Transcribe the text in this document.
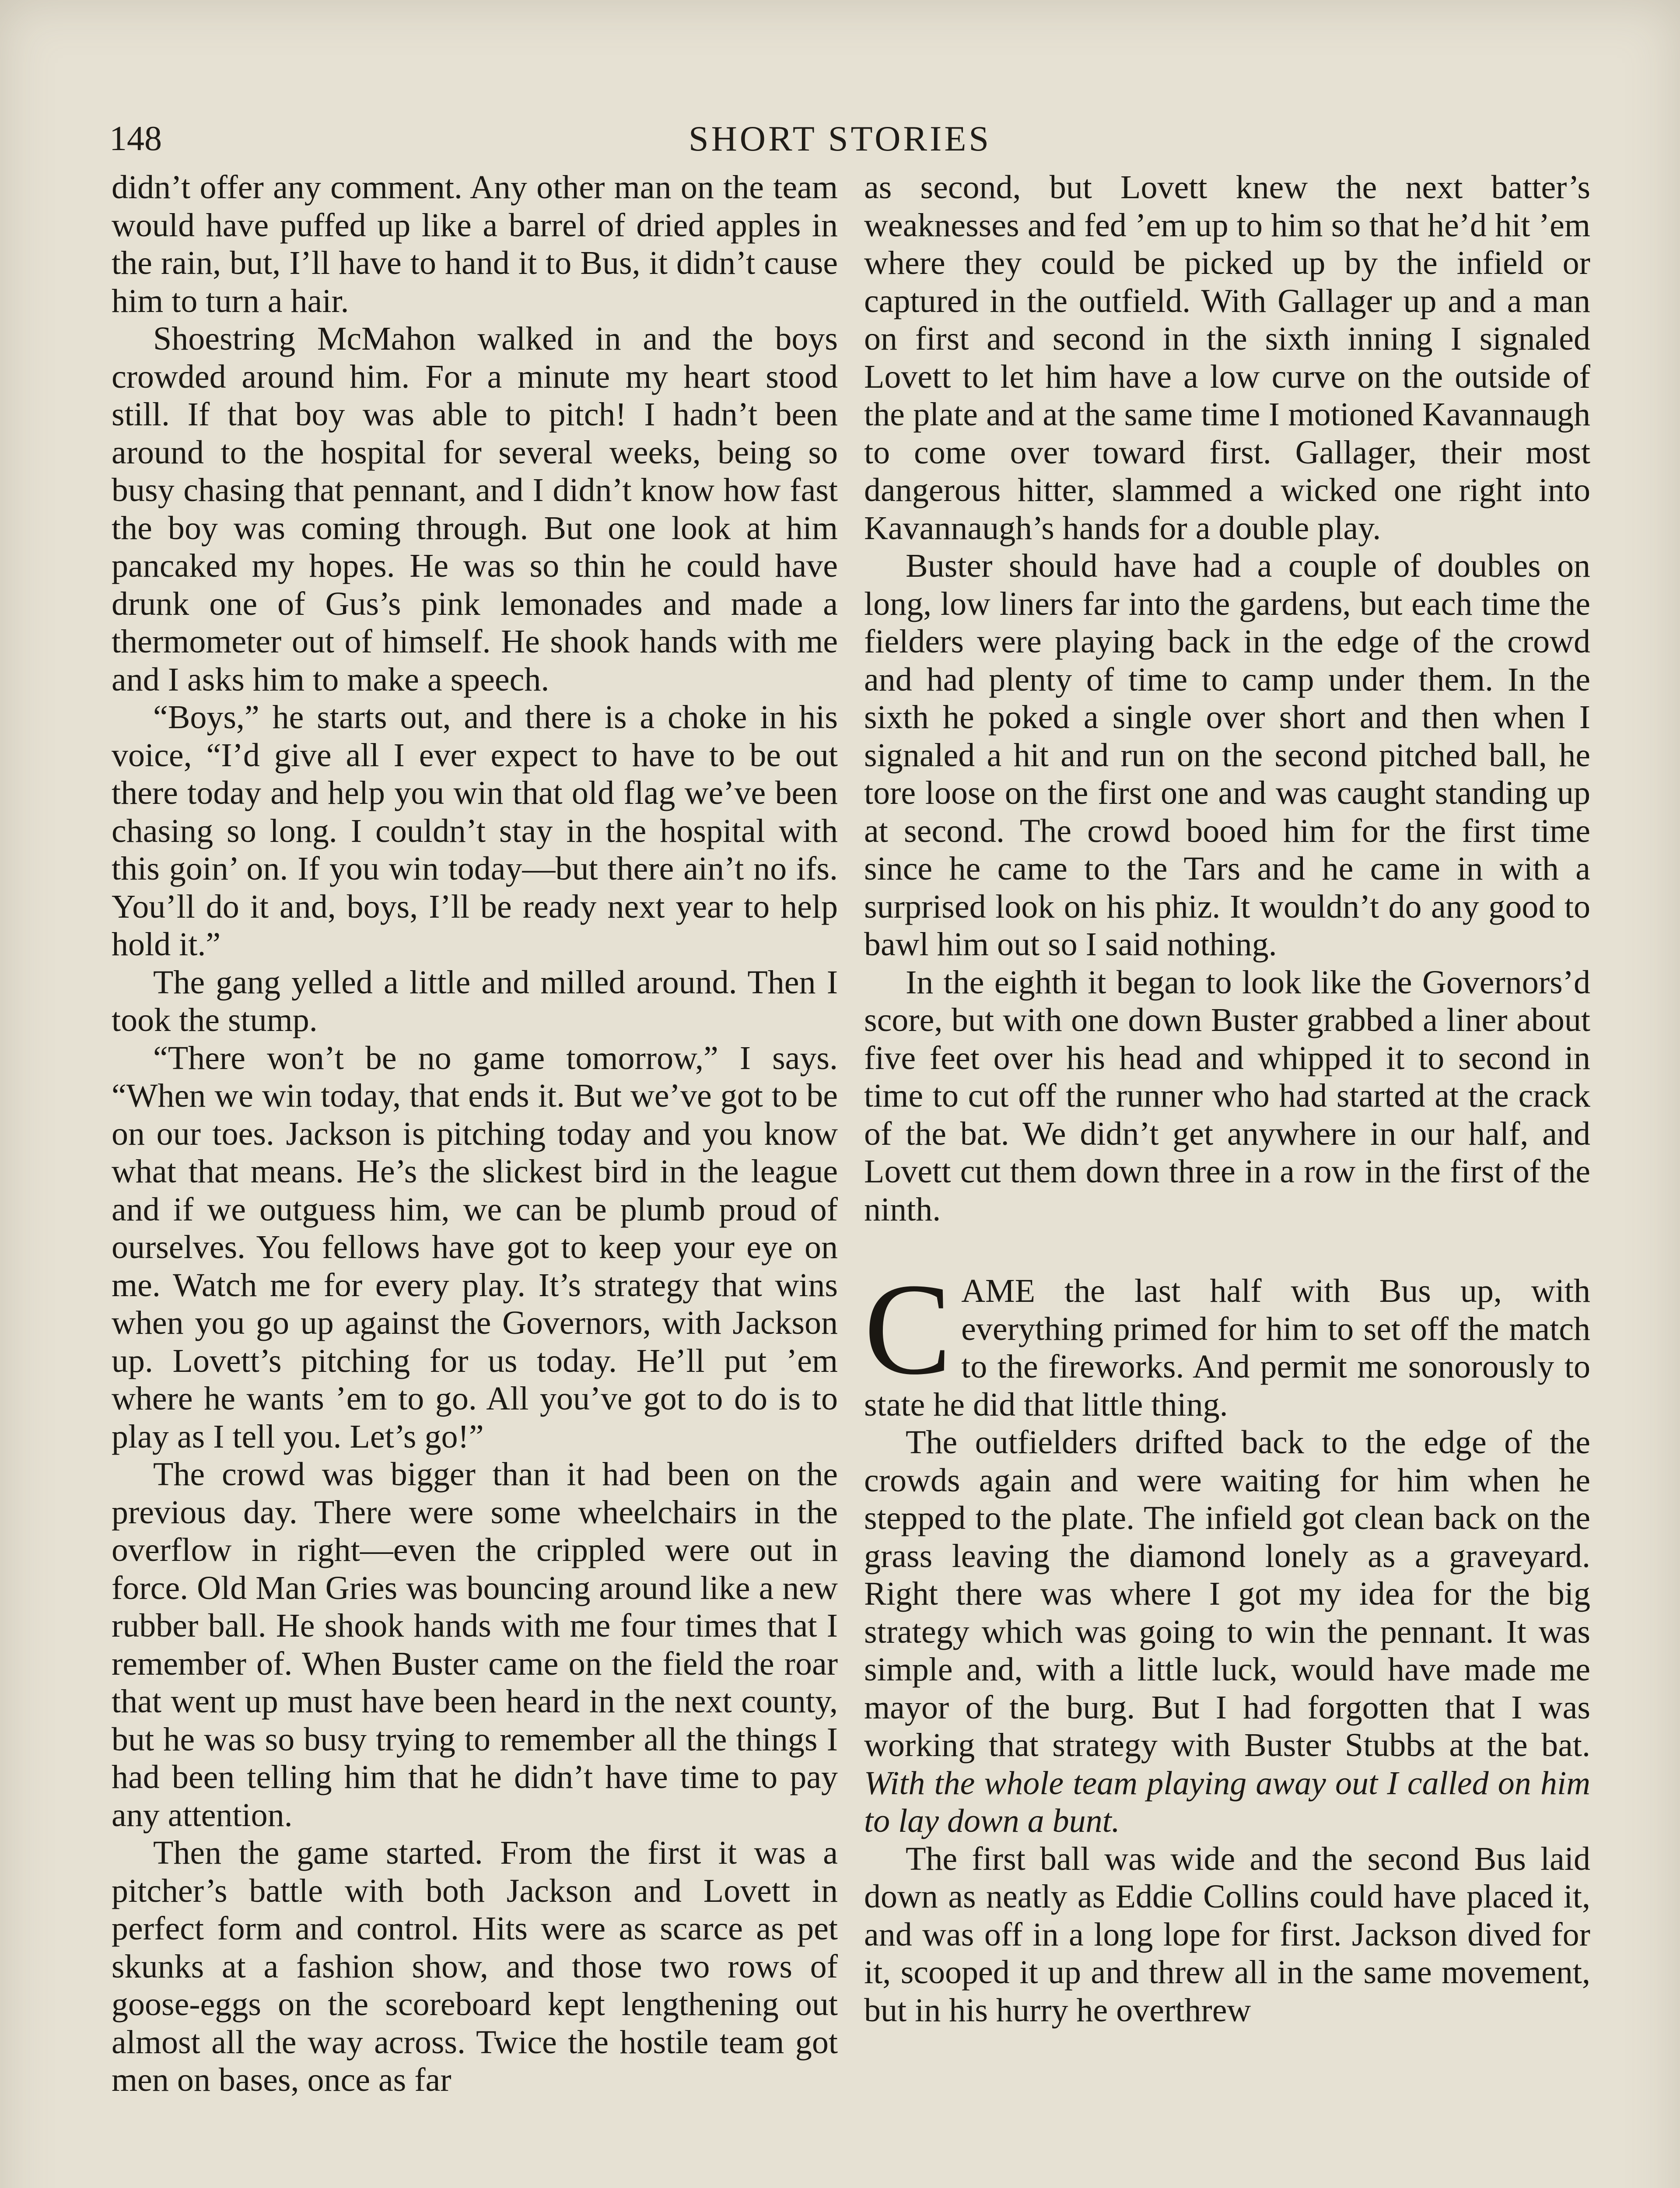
148	SHORT STORIES

didn’t offer any comment. Any other man on the team would have puffed up like a barrel of dried apples in the rain, but, I’ll have to hand it to Bus, it didn’t cause him to turn a hair.

Shoestring McMahon walked in and the boys crowded around him. For a minute my heart stood still. If that boy was able to pitch! I hadn’t been around to the hospital for several weeks, being so busy chasing that pennant, and I didn’t know how fast the boy was coming through. But one look at him pancaked my hopes. He was so thin he could have drunk one of Gus’s pink lemonades and made a thermometer out of himself. He shook hands with me and I asks him to make a speech.

“Boys,” he starts out, and there is a choke in his voice, “I’d give all I ever expect to have to be out there today and help you win that old flag we’ve been chasing so long. I couldn’t stay in the hospital with this goin’ on. If you win today—but there ain’t no ifs. You’ll do it and, boys, I’ll be ready next year to help hold it.”

The gang yelled a little and milled around. Then I took the stump.

“There won’t be no game tomorrow,” I says. “When we win today, that ends it. But we’ve got to be on our toes. Jackson is pitching today and you know what that means. He’s the slickest bird in the league and if we outguess him, we can be plumb proud of ourselves. You fellows have got to keep your eye on me. Watch me for every play. It’s strategy that wins when you go up against the Governors, with Jackson up. Lovett’s pitching for us today. He’ll put ’em where he wants ’em to go. All you’ve got to do is to play as I tell you. Let’s go!”

The crowd was bigger than it had been on the previous day. There were some wheelchairs in the overflow in right—even the crippled were out in force. Old Man Gries was bouncing around like a new rubber ball. He shook hands with me four times that I remember of. When Buster came on the field the roar that went up must have been heard in the next county, but he was so busy trying to remember all the things I had been telling him that he didn’t have time to pay any attention.

Then the game started. From the first it was a pitcher’s battle with both Jackson and Lovett in perfect form and control. Hits were as scarce as pet skunks at a fashion show, and those two rows of goose-eggs on the scoreboard kept lengthening out almost all the way across. Twice the hostile team got men on bases, once as far

as second, but Lovett knew the next batter’s weaknesses and fed ’em up to him so that he’d hit ’em where they could be picked up by the infield or captured in the outfield. With Gallager up and a man on first and second in the sixth inning I signaled Lovett to let him have a low curve on the outside of the plate and at the same time I motioned Kavannaugh to come over toward first. Gallager, their most dangerous hitter, slammed a wicked one right into Kavannaugh’s hands for a double play.

Buster should have had a couple of doubles on long, low liners far into the gardens, but each time the fielders were playing back in the edge of the crowd and had plenty of time to camp under them. In the sixth he poked a single over short and then when I signaled a hit and run on the second pitched ball, he tore loose on the first one and was caught standing up at second. The crowd booed him for the first time since he came to the Tars and he came in with a surprised look on his phiz. It wouldn’t do any good to bawl him out so I said nothing.

In the eighth it began to look like the Governors’d score, but with one down Buster grabbed a liner about five feet over his head and whipped it to second in time to cut off the runner who had started at the crack of the bat. We didn’t get anywhere in our half, and Lovett cut them down three in a row in the first of the ninth.

C AME the last half with Bus up, with everything primed for him to set off the match to the fireworks. And permit me sonorously to state he did that little thing.

The outfielders drifted back to the edge of the crowds again and were waiting for him when he stepped to the plate. The infield got clean back on the grass leaving the diamond lonely as a graveyard. Right there was where I got my idea for the big strategy which was going to win the pennant. It was simple and, with a little luck, would have made me mayor of the burg. But I had forgotten that I was working that strategy with Buster Stubbs at the bat. With the whole team playing away out I called on him to lay down a bunt.

The first ball was wide and the second Bus laid down as neatly as Eddie Collins could have placed it, and was off in a long lope for first. Jackson dived for it, scooped it up and threw all in the same movement, but in his hurry he overthrew
